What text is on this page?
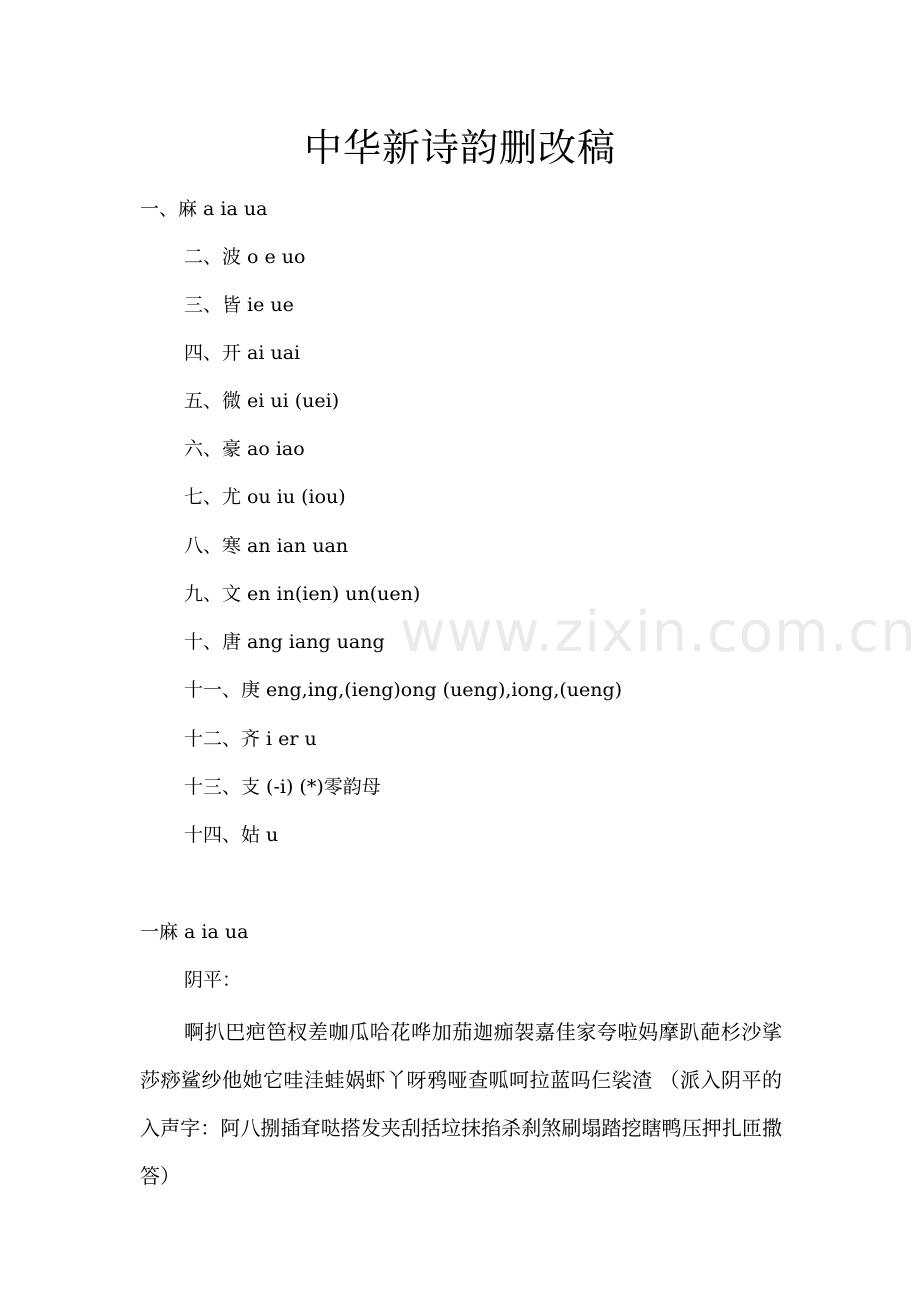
中华新诗韵删改稿
一、麻 a ia ua
二、波 o e uo
三、皆 ie ue
四、开 ai uai
五、微 ei ui (uei)
六、豪 ao iao
七、尤 ou iu (iou)
八、寒 an ian uan
九、文 en in(ien) un(uen)
十、唐 ang iang uang
十一、庚 eng,ing,(ieng)ong (ueng),iong,(ueng)
十二、齐 i er u
十三、支 (-i) (*)零韵母
十四、姑 u
一麻 a ia ua
阴平：
啊扒巴疤笆杈差咖瓜哈花哗加茄迦痂袈嘉佳家夸啦妈摩趴葩杉沙挲莎痧鲨纱他她它哇洼蛙娲虾丫呀鸦哑查呱呵拉蓝吗仨裟渣 （派入阴平的入声字：阿八捌插耷哒搭发夹刮括垃抹掐杀刹煞刷塌踏挖瞎鸭压押扎匝撒答）
www.zixin.com.cn
